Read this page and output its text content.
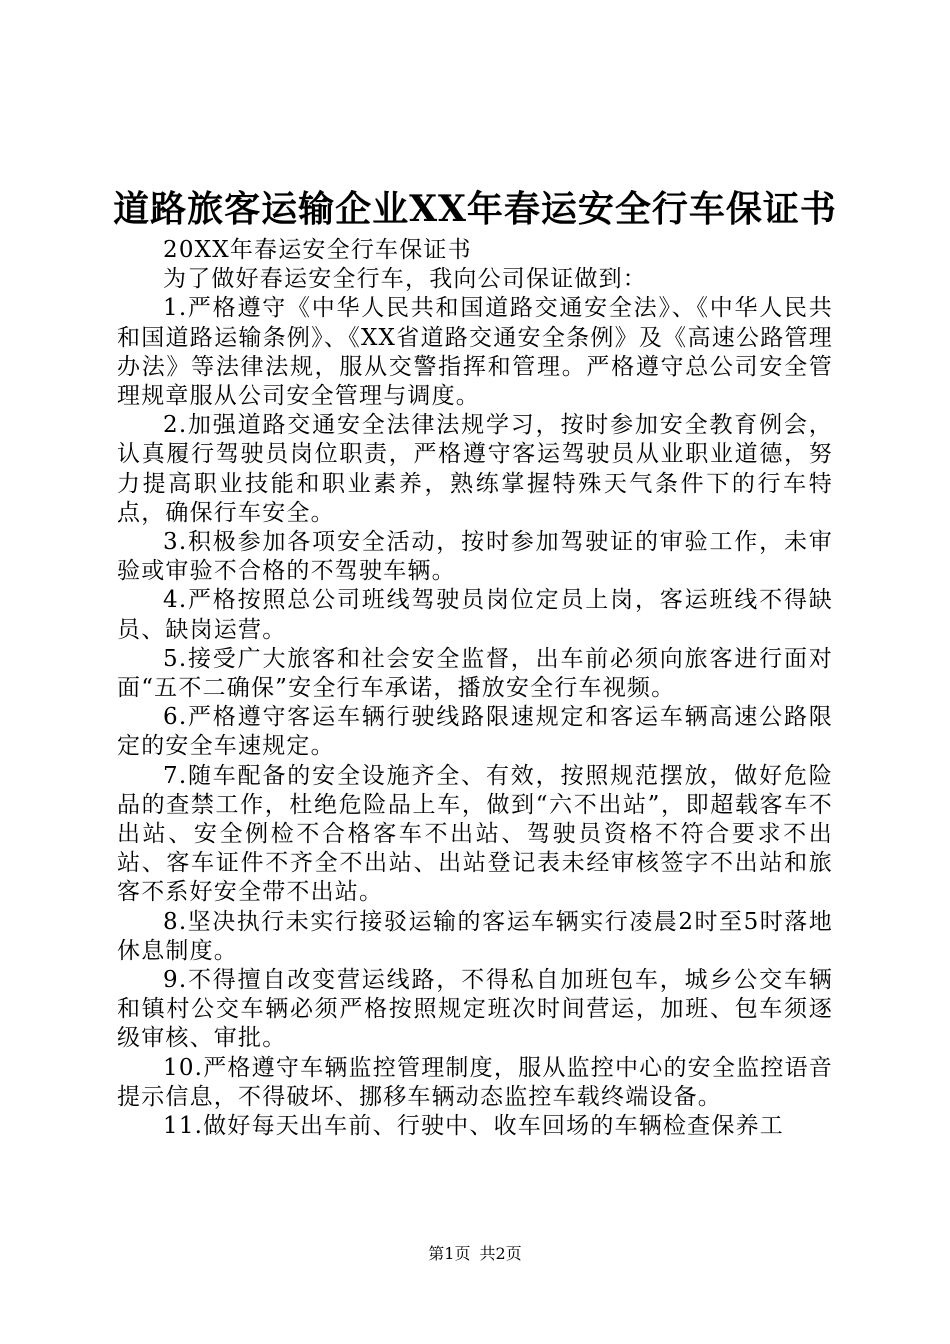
道路旅客运输企业XX年春运安全行车保证书

20XX年春运安全行车保证书

为了做好春运安全行车，我向公司保证做到：

1.严格遵守《中华人民共和国道路交通安全法》、《中华人民共和国道路运输条例》、《XX省道路交通安全条例》及《高速公路管理办法》等法律法规，服从交警指挥和管理。严格遵守总公司安全管理规章服从公司安全管理与调度。

2.加强道路交通安全法律法规学习，按时参加安全教育例会，认真履行驾驶员岗位职责，严格遵守客运驾驶员从业职业道德，努力提高职业技能和职业素养，熟练掌握特殊天气条件下的行车特点，确保行车安全。

3.积极参加各项安全活动，按时参加驾驶证的审验工作，未审验或审验不合格的不驾驶车辆。

4.严格按照总公司班线驾驶员岗位定员上岗，客运班线不得缺员、缺岗运营。

5.接受广大旅客和社会安全监督，出车前必须向旅客进行面对面“五不二确保”安全行车承诺，播放安全行车视频。

6.严格遵守客运车辆行驶线路限速规定和客运车辆高速公路限定的安全车速规定。

7.随车配备的安全设施齐全、有效，按照规范摆放，做好危险品的查禁工作，杜绝危险品上车，做到“六不出站”，即超载客车不出站、安全例检不合格客车不出站、驾驶员资格不符合要求不出站、客车证件不齐全不出站、出站登记表未经审核签字不出站和旅客不系好安全带不出站。

8.坚决执行未实行接驳运输的客运车辆实行凌晨2时至5时落地休息制度。

9.不得擅自改变营运线路，不得私自加班包车，城乡公交车辆和镇村公交车辆必须严格按照规定班次时间营运，加班、包车须逐级审核、审批。

10.严格遵守车辆监控管理制度，服从监控中心的安全监控语音提示信息，不得破坏、挪移车辆动态监控车载终端设备。

11.做好每天出车前、行驶中、收车回场的车辆检查保养工

第1页 共2页
